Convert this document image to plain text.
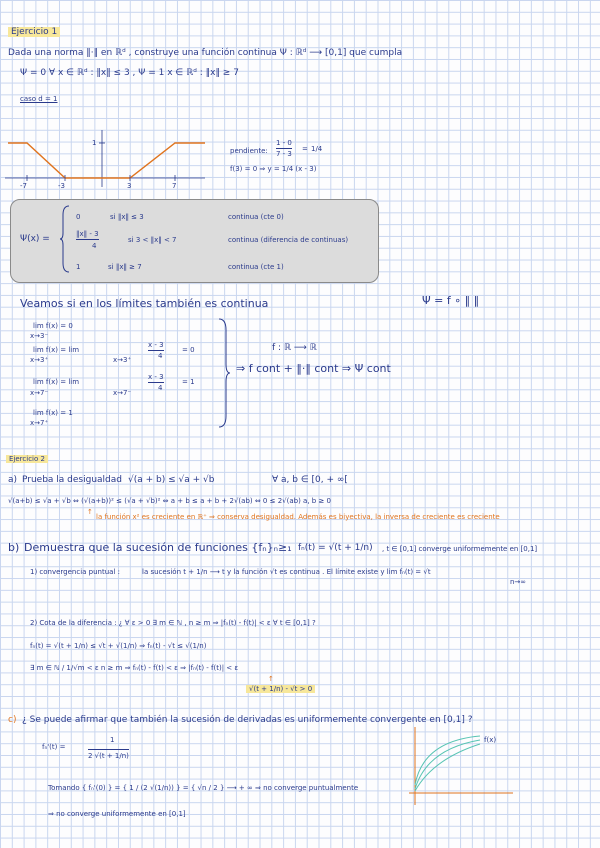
Ejercicio 1
Dada una norma ‖·‖ en ℝᵈ , construye una función continua Ψ : ℝᵈ ⟶ [0,1] que cumpla
Ψ = 0 ∀ x ∈ ℝᵈ : ‖x‖ ≤ 3 , Ψ = 1 x ∈ ℝᵈ : ‖x‖ ≥ 7
caso d = 1
1
-7	-3	3	7
pendiente:
1 - 0
7 - 3
= 1/4
f(3) = 0 ⇒ y = 1/4 (x - 3)
Ψ(x) =
0	si ‖x‖ ≤ 3	continua (cte 0)
‖x‖ - 3
4
si 3 < ‖x‖ < 7	continua (diferencia de continuas)
1	si ‖x‖ ≥ 7	continua (cte 1)
Veamos si en los límites también es continua	Ψ = f ∘ ‖ ‖
lim f(x) = 0
x→3⁻
lim f(x) = lim
x→3⁺	x→3⁺
x - 3
4
= 0
lim f(x) = lim
x→7⁻	x→7⁻
x - 3
4
= 1
lim f(x) = 1
x→7⁺
f : ℝ ⟶ ℝ
⇒ f cont + ‖·‖ cont ⇒ Ψ cont
Ejercicio 2
a) Prueba la desigualdad √(a + b) ≤ √a + √b	∀ a, b ∈ [0, + ∞[
√(a+b) ≤ √a + √b ⇔ (√(a+b))² ≤ (√a + √b)² ⇔ a + b ≤ a + b + 2√(ab) ⇔ 0 ≤ 2√(ab) a, b ≥ 0
↑
la función x² es creciente en ℝ⁺ ⇒ conserva desigualdad. Además es biyectiva, la inversa de creciente es creciente
b) Demuestra que la sucesión de funciones {fₙ}ₙ≥₁ fₙ(t) = √(t + 1/n) , t ∈ [0,1] converge uniformemente en [0,1]
1) convergencia puntual :	la sucesión t + 1/n ⟶ t y la función √t es continua . El límite existe y lim fₙ(t) = √t
n→∞
2) Cota de la diferencia : ¿ ∀ ε > 0 ∃ m ∈ ℕ , n ≥ m ⇒ |fₙ(t) - f(t)| < ε ∀ t ∈ [0,1] ?
fₙ(t) = √(t + 1/n) ≤ √t + √(1/n) ⇒ fₙ(t) - √t ≤ √(1/n)
∃ m ∈ ℕ / 1/√m < ε n ≥ m ⇒ fₙ(t) - f(t) < ε ⇒ |fₙ(t) - f(t)| < ε
↑
√(t + 1/n) - √t > 0
c) ¿ Se puede afirmar que también la sucesión de derivadas es uniformemente convergente en [0,1] ?
fₙ'(t) =
1
2 √(t + 1/n)
Tomando { fₙ'(0) } = { 1 / (2 √(1/n)) } = { √n / 2 } ⟶ + ∞ ⇒ no converge puntualmente
⇒ no converge uniformemente en [0,1]
f(x)
